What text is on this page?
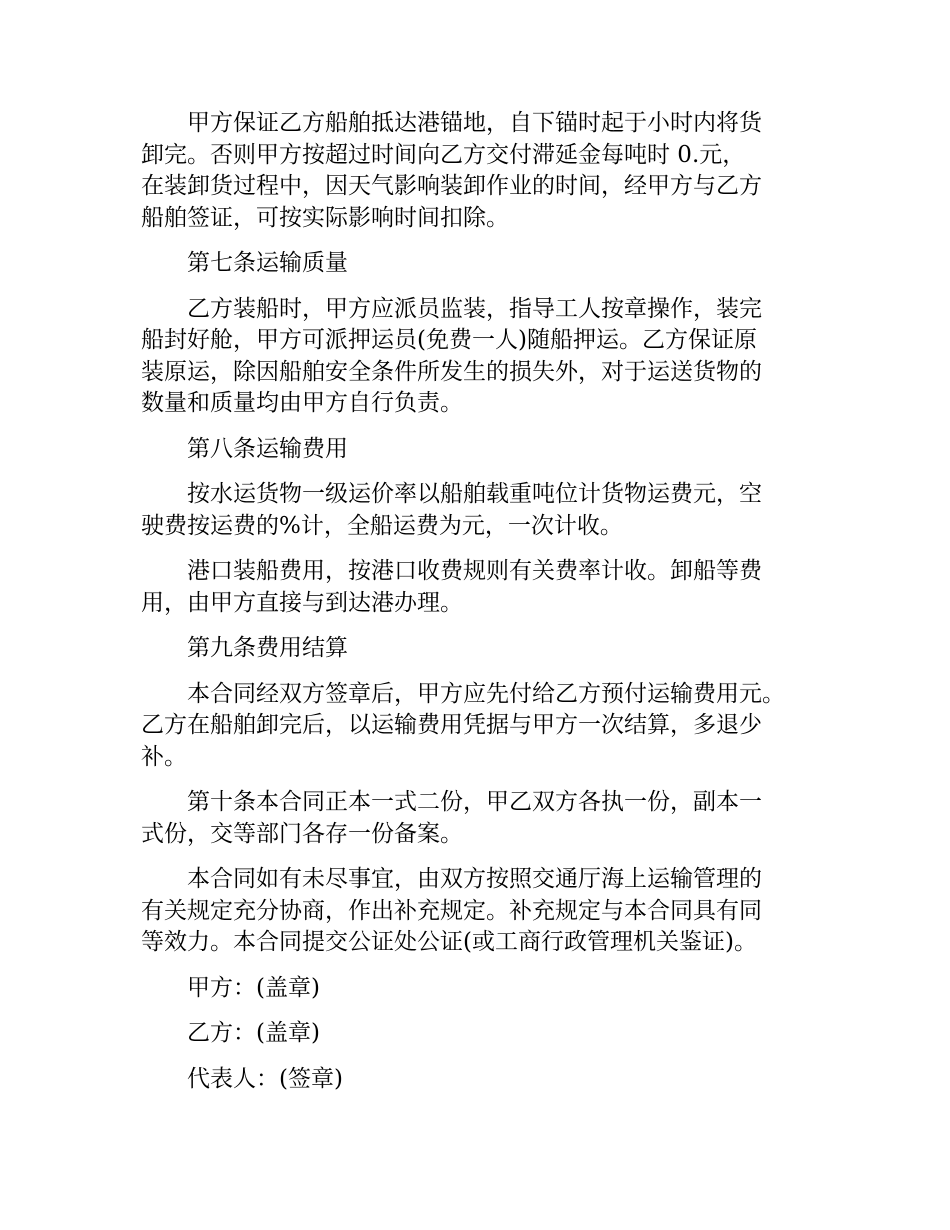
甲方保证乙方船舶抵达港锚地，自下锚时起于小时内将货
卸完。否则甲方按超过时间向乙方交付滞延金每吨时 0.元，
在装卸货过程中，因天气影响装卸作业的时间，经甲方与乙方
船舶签证，可按实际影响时间扣除。

第七条运输质量

乙方装船时，甲方应派员监装，指导工人按章操作，装完
船封好舱，甲方可派押运员(免费一人)随船押运。乙方保证原
装原运，除因船舶安全条件所发生的损失外，对于运送货物的
数量和质量均由甲方自行负责。

第八条运输费用

按水运货物一级运价率以船舶载重吨位计货物运费元，空
驶费按运费的%计，全船运费为元，一次计收。

港口装船费用，按港口收费规则有关费率计收。卸船等费
用，由甲方直接与到达港办理。

第九条费用结算

本合同经双方签章后，甲方应先付给乙方预付运输费用元。
乙方在船舶卸完后，以运输费用凭据与甲方一次结算，多退少
补。

第十条本合同正本一式二份，甲乙双方各执一份，副本一
式份，交等部门各存一份备案。

本合同如有未尽事宜，由双方按照交通厅海上运输管理的
有关规定充分协商，作出补充规定。补充规定与本合同具有同
等效力。本合同提交公证处公证(或工商行政管理机关鉴证)。

甲方：(盖章)

乙方：(盖章)

代表人：(签章)
